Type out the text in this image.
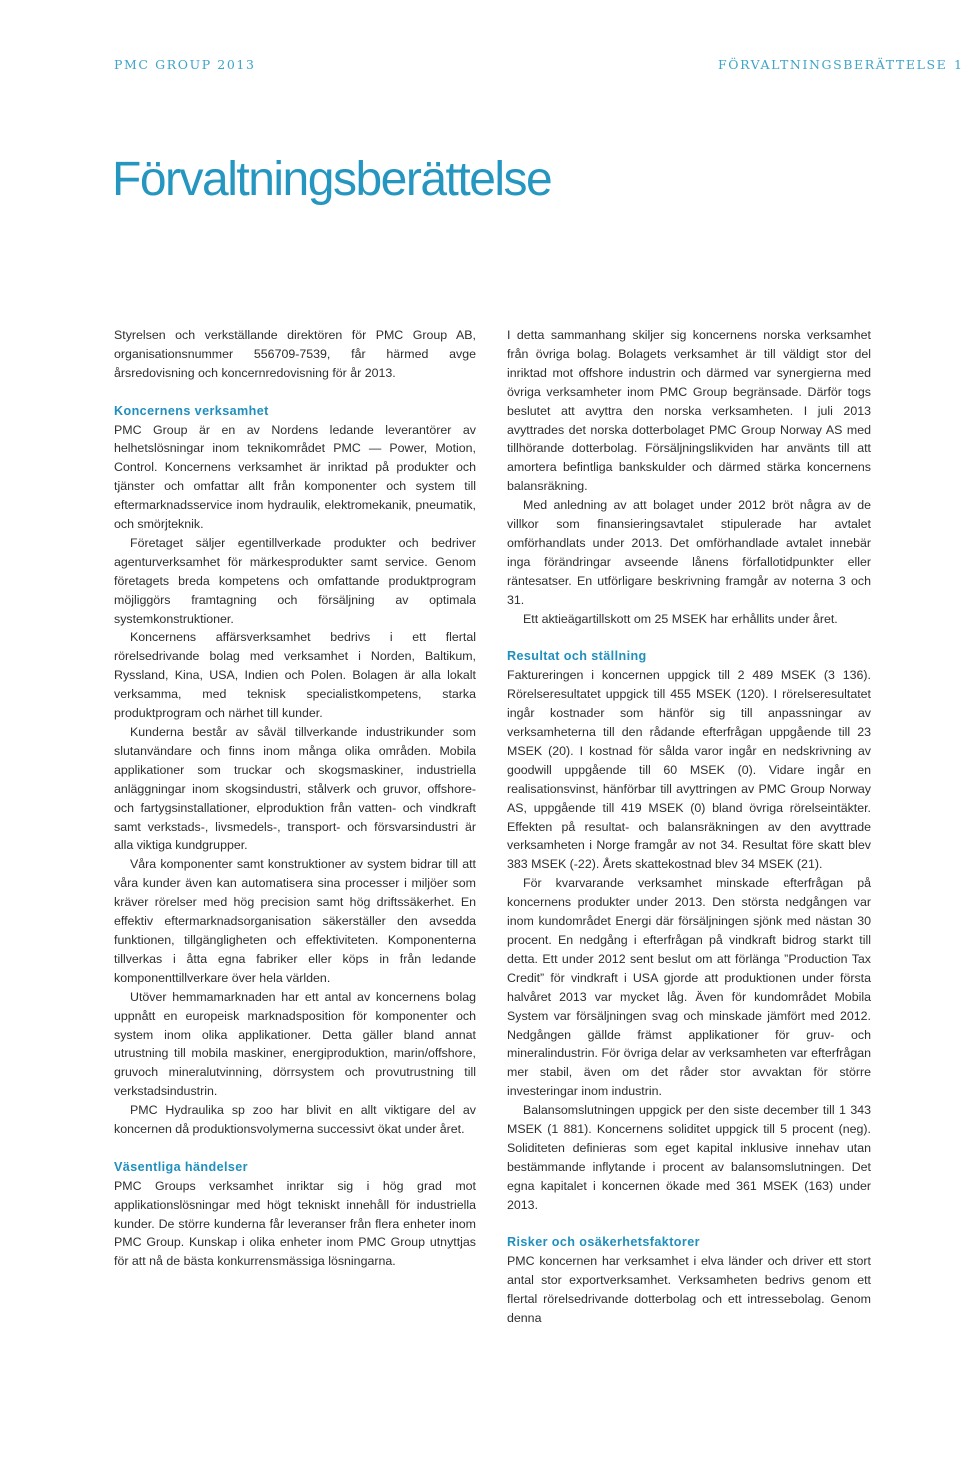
PMC GROUP 2013	FÖRVALTNINGSBERÄTTELSE 1
Förvaltningsberättelse

Styrelsen och verkställande direktören för PMC Group AB, organisationsnummer 556709-7539, får härmed avge årsredovisning och koncernredovisning för år 2013.

Koncernens verksamhet

PMC Group är en av Nordens ledande leverantörer av helhetslösningar inom teknikområdet PMC — Power, Motion, Control. Koncernens verksamhet är inriktad på produkter och tjänster och omfattar allt från komponenter och system till eftermarknadsservice inom hydraulik, elektromekanik, pneumatik, och smörjteknik.

Företaget säljer egentillverkade produkter och bedriver agenturverksamhet för märkesprodukter samt service. Genom företagets breda kompetens och omfattande produktprogram möjliggörs framtagning och försäljning av optimala systemkonstruktioner.

Koncernens affärsverksamhet bedrivs i ett flertal rörelsedrivande bolag med verksamhet i Norden, Baltikum, Ryssland, Kina, USA, Indien och Polen. Bolagen är alla lokalt verksamma, med teknisk specialistkompetens, starka produktprogram och närhet till kunder.

Kunderna består av såväl tillverkande industrikunder som slutanvändare och finns inom många olika områden. Mobila applikationer som truckar och skogsmaskiner, industriella anläggningar inom skogsindustri, stålverk och gruvor, offshore- och fartygsinstallationer, elproduktion från vatten- och vindkraft samt verkstads-, livsmedels-, transport- och försvarsindustri är alla viktiga kundgrupper.

Våra komponenter samt konstruktioner av system bidrar till att våra kunder även kan automatisera sina processer i miljöer som kräver rörelser med hög precision samt hög driftssäkerhet. En effektiv eftermarknadsorganisation säkerställer den avsedda funktionen, tillgängligheten och effektiviteten. Komponenterna tillverkas i åtta egna fabriker eller köps in från ledande komponenttillverkare över hela världen.

Utöver hemmamarknaden har ett antal av koncernens bolag uppnått en europeisk marknadsposition för komponenter och system inom olika applikationer. Detta gäller bland annat utrustning till mobila maskiner, energiproduktion, marin/offshore, gruvoch mineralutvinning, dörrsystem och provutrustning till verkstadsindustrin.

PMC Hydraulika sp zoo har blivit en allt viktigare del av koncernen då produktionsvolymerna successivt ökat under året.

Väsentliga händelser

PMC Groups verksamhet inriktar sig i hög grad mot applikationslösningar med högt tekniskt innehåll för industriella kunder. De större kunderna får leveranser från flera enheter inom PMC Group. Kunskap i olika enheter inom PMC Group utnyttjas för att nå de bästa konkurrensmässiga lösningarna.

I detta sammanhang skiljer sig koncernens norska verksamhet från övriga bolag. Bolagets verksamhet är till väldigt stor del inriktad mot offshore industrin och därmed var synergierna med övriga verksamheter inom PMC Group begränsade. Därför togs beslutet att avyttra den norska verksamheten. I juli 2013 avyttrades det norska dotterbolaget PMC Group Norway AS med tillhörande dotterbolag. Försäljningslikviden har använts till att amortera befintliga bankskulder och därmed stärka koncernens balansräkning.

Med anledning av att bolaget under 2012 bröt några av de villkor som finansieringsavtalet stipulerade har avtalet omförhandlats under 2013. Det omförhandlade avtalet innebär inga förändringar avseende lånens förfallotidpunkter eller räntesatser. En utförligare beskrivning framgår av noterna 3 och 31.

Ett aktieägartillskott om 25 MSEK har erhållits under året.

Resultat och ställning

Faktureringen i koncernen uppgick till 2 489 MSEK (3 136). Rörelseresultatet uppgick till 455 MSEK (120). I rörelseresultatet ingår kostnader som hänför sig till anpassningar av verksamheterna till den rådande efterfrågan uppgående till 23 MSEK (20). I kostnad för sålda varor ingår en nedskrivning av goodwill uppgående till 60 MSEK (0). Vidare ingår en realisationsvinst, hänförbar till avyttringen av PMC Group Norway AS, uppgående till 419 MSEK (0) bland övriga rörelseintäkter. Effekten på resultat- och balansräkningen av den avyttrade verksamheten i Norge framgår av not 34. Resultat före skatt blev 383 MSEK (-22). Årets skattekostnad blev 34 MSEK (21).

För kvarvarande verksamhet minskade efterfrågan på koncernens produkter under 2013. Den största nedgången var inom kundområdet Energi där försäljningen sjönk med nästan 30 procent. En nedgång i efterfrågan på vindkraft bidrog starkt till detta. Ett under 2012 sent beslut om att förlänga ”Production Tax Credit” för vindkraft i USA gjorde att produktionen under första halvåret 2013 var mycket låg. Även för kundområdet Mobila System var försäljningen svag och minskade jämfört med 2012. Nedgången gällde främst applikationer för gruv- och mineralindustrin. För övriga delar av verksamheten var efterfrågan mer stabil, även om det råder stor avvaktan för större investeringar inom industrin.

Balansomslutningen uppgick per den siste december till 1 343 MSEK (1 881). Koncernens soliditet uppgick till 5 procent (neg). Soliditeten definieras som eget kapital inklusive innehav utan bestämmande inflytande i procent av balansomslutningen. Det egna kapitalet i koncernen ökade med 361 MSEK (163) under 2013.

Risker och osäkerhetsfaktorer

PMC koncernen har verksamhet i elva länder och driver ett stort antal stor exportverksamhet. Verksamheten bedrivs genom ett flertal rörelsedrivande dotterbolag och ett intressebolag. Genom denna
